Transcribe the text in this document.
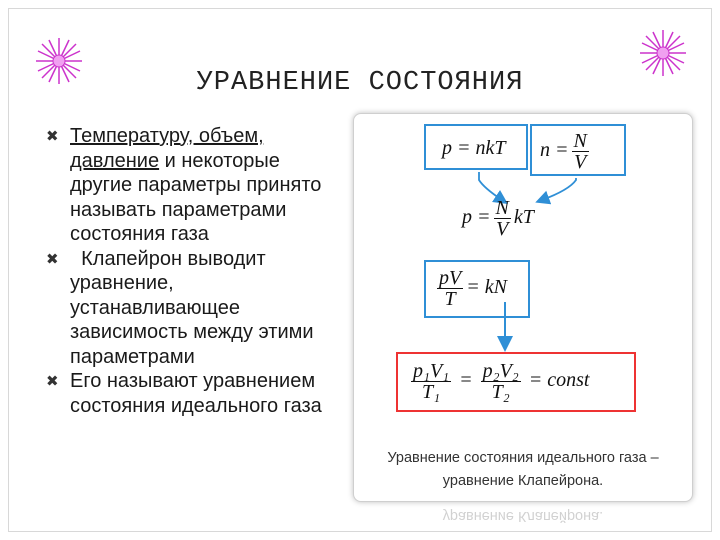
УРАВНЕНИЕ СОСТОЯНИЯ
✖ Температуру, объем, давление и некоторые другие параметры принято называть параметрами состояния газа
✖ Клапейрон выводит уравнение, устанавливающее зависимость между этими параметрами
✖ Его называют уравнением состояния идеального газа
p = nkT $n = \frac{N}{V}$
$p = \frac{N}{V}$ kT
$\frac{pV}{T}$ = kN
$\frac{\text{p₁V₁}}{\text{T₁}} = \frac{\text{p₂V₂}}{\text{T₂}}$ = const
Уравнение состояния идеального газа –
уравнение Клапейрона.
уравнение Клапейрона.
